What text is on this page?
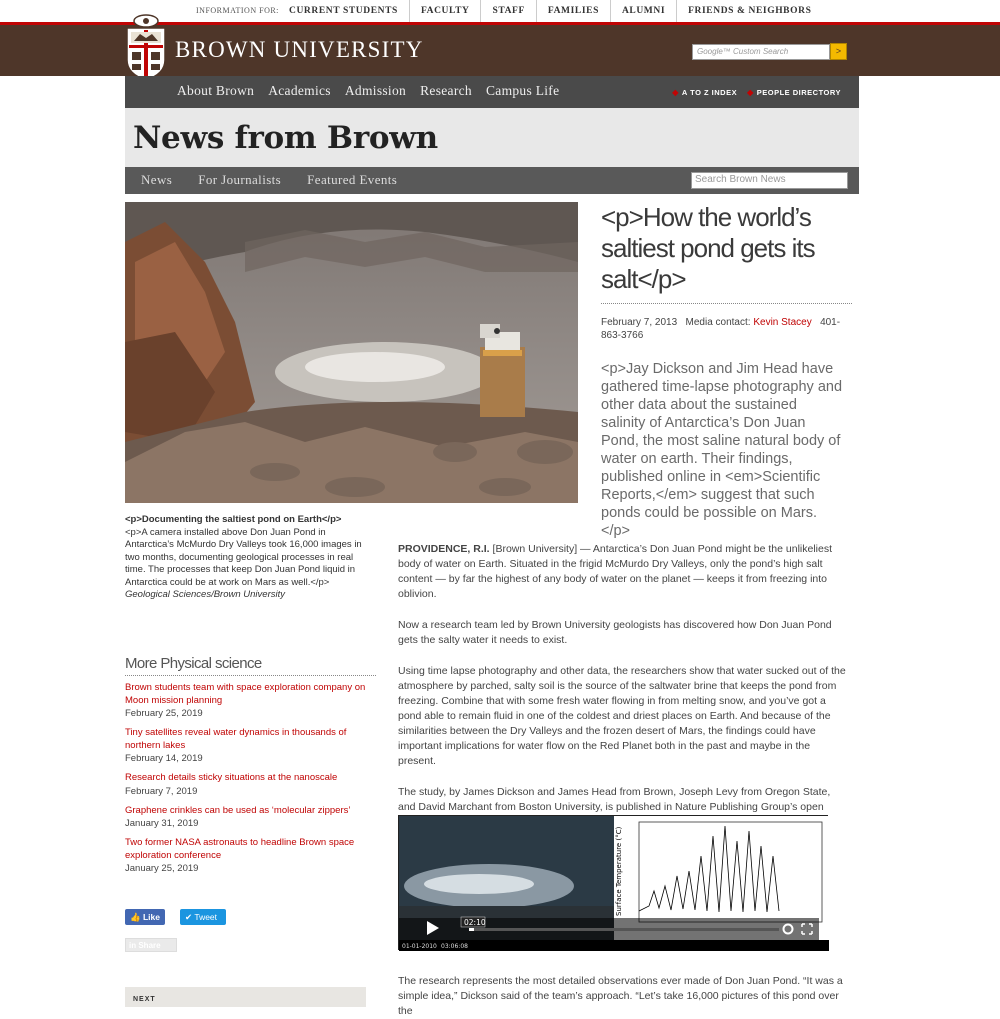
INFORMATION FOR:	CURRENT STUDENTS	FACULTY	STAFF	FAMILIES	ALUMNI	FRIENDS & NEIGHBORS
BROWN UNIVERSITY	Google™ Custom Search	>
About Brown	Academics	Admission	Research	Campus Life	◆ A TO Z INDEX ◆ PEOPLE DIRECTORY
News from Brown
News	For Journalists	Featured Events	Search Brown News
<p>How the world’s saltiest pond gets its salt</p>
February 7, 2013 Media contact: Kevin Stacey 401-863-3766
<p>Jay Dickson and Jim Head have gathered time-lapse photography and other data about the sustained salinity of Antarctica’s Don Juan Pond, the most saline natural body of water on earth. Their findings, published online in <em>Scientific Reports,</em> suggest that such ponds could be possible on Mars.</p>
<p>Documenting the saltiest pond on Earth</p>
<p>A camera installed above Don Juan Pond in Antarctica’s McMurdo Dry Valleys took 16,000 images in two months, documenting geological processes in real time. The processes that keep Don Juan Pond liquid in Antarctica could be at work on Mars as well.</p>
Geological Sciences/Brown University

PROVIDENCE, R.I. [Brown University] — Antarctica’s Don Juan Pond might be the unlikeliest body of water on Earth. Situated in the frigid McMurdo Dry Valleys, only the pond’s high salt content — by far the highest of any body of water on the planet — keeps it from freezing into oblivion.

Now a research team led by Brown University geologists has discovered how Don Juan Pond gets the salty water it needs to exist.

Using time lapse photography and other data, the researchers show that water sucked out of the atmosphere by parched, salty soil is the source of the saltwater brine that keeps the pond from freezing. Combine that with some fresh water flowing in from melting snow, and you’ve got a pond able to remain fluid in one of the coldest and driest places on Earth. And because of the similarities between the Dry Valleys and the frozen desert of Mars, the findings could have important implications for water flow on the Red Planet both in the past and maybe in the present.

The study, by James Dickson and James Head from Brown, Joseph Levy from Oregon State, and David Marchant from Boston University, is published in Nature Publishing Group’s open

Surface Temperature (°C)
02:10
01-01-2010 03:06:08
More Physical science
Brown students team with space exploration company on Moon mission planning
February 25, 2019
Tiny satellites reveal water dynamics in thousands of northern lakes
February 14, 2019
Research details sticky situations at the nanoscale
February 7, 2019
Graphene crinkles can be used as ‘molecular zippers’
January 31, 2019
Two former NASA astronauts to headline Brown space exploration conference
January 25, 2019
👍 Like	✔ Tweet
in Share
NEXT
The research represents the most detailed observations ever made of Don Juan Pond. “It was a simple idea,” Dickson said of the team’s approach. “Let’s take 16,000 pictures of this pond over the
